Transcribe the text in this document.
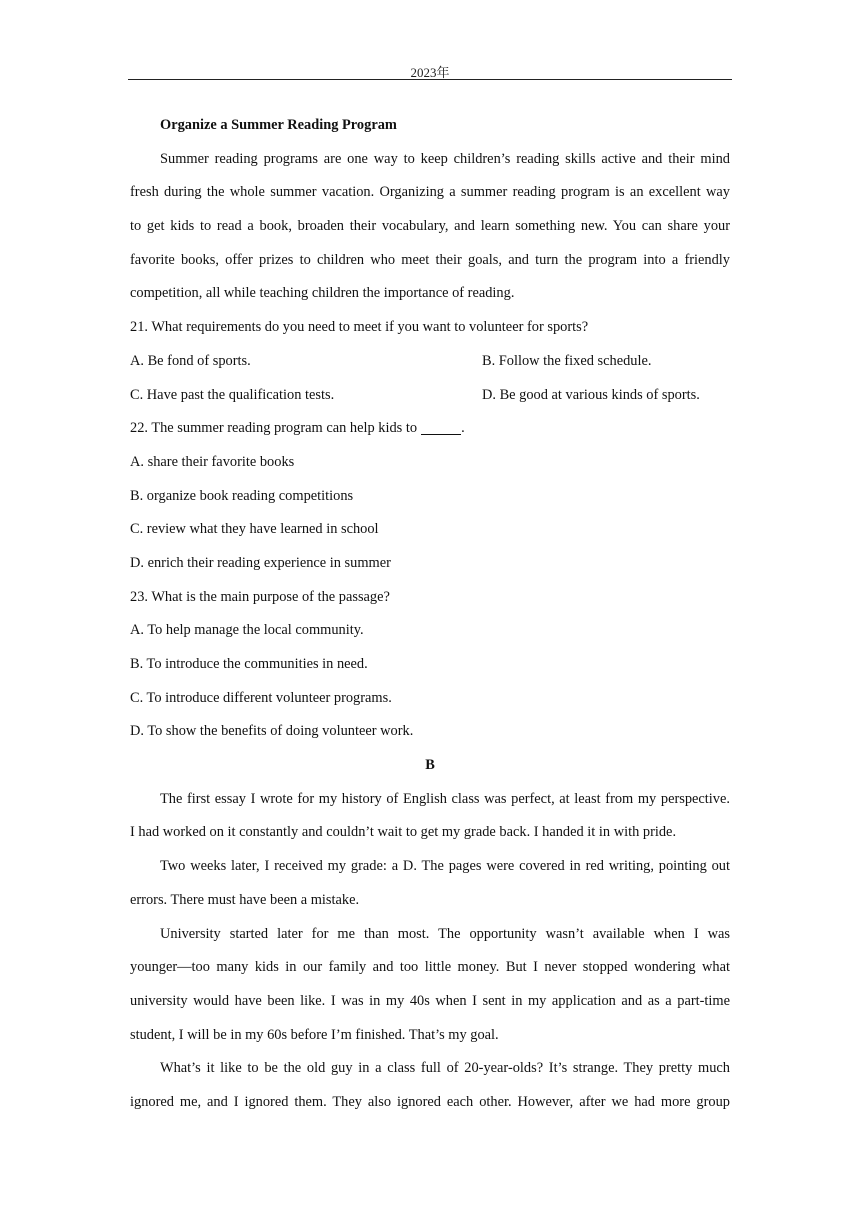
2023年
Organize a Summer Reading Program
Summer reading programs are one way to keep children’s reading skills active and their mind
fresh during the whole summer vacation. Organizing a summer reading program is an excellent way
to get kids to read a book, broaden their vocabulary, and learn something new. You can share your
favorite books, offer prizes to children who meet their goals, and turn the program into a friendly
competition, all while teaching children the importance of reading.
21. What requirements do you need to meet if you want to volunteer for sports?
A. Be fond of sports.	B. Follow the fixed schedule.
C. Have past the qualification tests.	D. Be good at various kinds of sports.
22. The summer reading program can help kids to	.
A. share their favorite books
B. organize book reading competitions
C. review what they have learned in school
D. enrich their reading experience in summer
23. What is the main purpose of the passage?
A. To help manage the local community.
B. To introduce the communities in need.
C. To introduce different volunteer programs.
D. To show the benefits of doing volunteer work.
B
The first essay I wrote for my history of English class was perfect, at least from my perspective.
I had worked on it constantly and couldn’t wait to get my grade back. I handed it in with pride.
Two weeks later, I received my grade: a D. The pages were covered in red writing, pointing out
errors. There must have been a mistake.
University started later for me than most. The opportunity wasn’t available when I was
younger—too many kids in our family and too little money. But I never stopped wondering what
university would have been like. I was in my 40s when I sent in my application and as a part-time
student, I will be in my 60s before I’m finished. That’s my goal.
What’s it like to be the old guy in a class full of 20-year-olds? It’s strange. They pretty much
ignored me, and I ignored them. They also ignored each other. However, after we had more group
